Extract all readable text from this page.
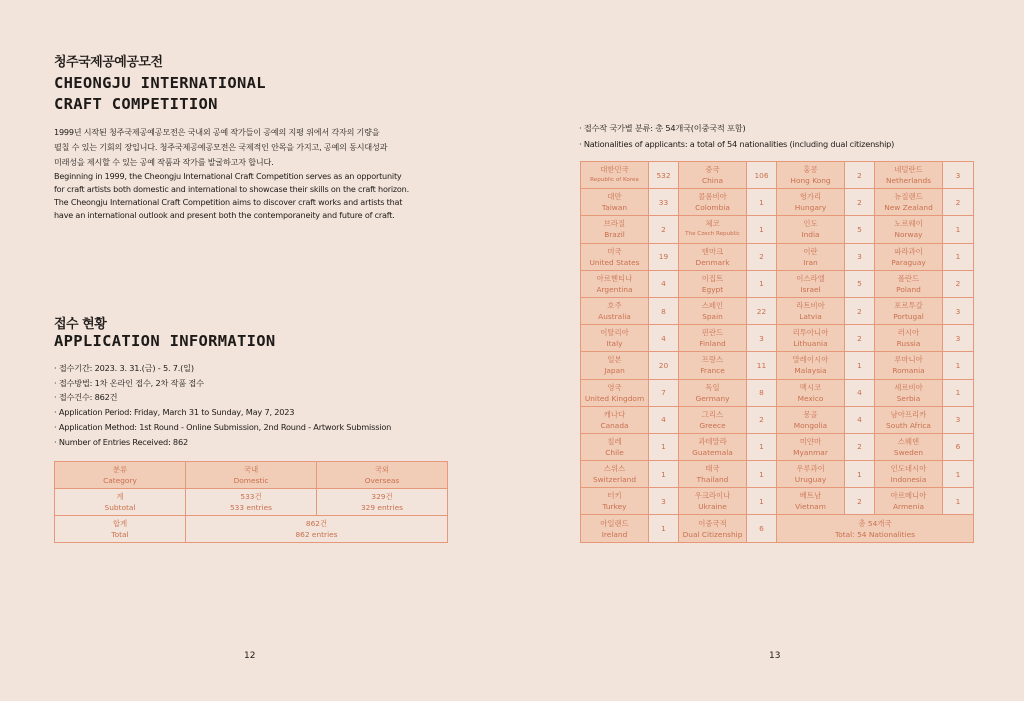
청주국제공예공모전
CHEONGJU INTERNATIONAL
CRAFT COMPETITION

1999년 시작된 청주국제공예공모전은 국내외 공예 작가들이 공예의 지평 위에서 각자의 기량을

펼칠 수 있는 기회의 장입니다. 청주국제공예공모전은 국제적인 안목을 가지고, 공예의 동시대성과

미래성을 제시할 수 있는 공예 작품과 작가를 발굴하고자 합니다.

Beginning in 1999, the Cheongju International Craft Competition serves as an opportunity

for craft artists both domestic and international to showcase their skills on the craft horizon.

The Cheongju International Craft Competition aims to discover craft works and artists that

have an international outlook and present both the contemporaneity and future of craft.

접수 현황
APPLICATION INFORMATION
· 접수기간: 2023. 3. 31.(금) - 5. 7.(일)
· 접수방법: 1차 온라인 접수, 2차 작품 접수
· 접수건수: 862건
· Application Period: Friday, March 31 to Sunday, May 7, 2023
· Application Method: 1st Round - Online Submission, 2nd Round - Artwork Submission
· Number of Entries Received: 862
분류
Category	국내
Domestic	국외
Overseas

계
Subtotal	533건
533 entries	329건
329 entries

합계
Total	862건
862 entries	
12
· 접수작 국가별 분류: 총 54개국(이중국적 포함)
· Nationalities of applicants: a total of 54 nationalities (including dual citizenship)
대한민국
Republic of Korea	532	중국
China	106	홍콩
Hong Kong	2	네덜란드
Netherlands	3

대만
Taiwan	33	콜롬비아
Colombia	1	헝가리
Hungary	2	뉴질랜드
New Zealand	2

브라질
Brazil	2	체코
The Czech Republic	1	인도
India	5	노르웨이
Norway	1

미국
United States	19	덴마크
Denmark	2	이란
Iran	3	파라과이
Paraguay	1

아르헨티나
Argentina	4	이집트
Egypt	1	이스라엘
Israel	5	폴란드
Poland	2

호주
Australia	8	스페인
Spain	22	라트비아
Latvia	2	포르투갈
Portugal	3

이탈리아
Italy	4	핀란드
Finland	3	리투아니아
Lithuania	2	러시아
Russia	3

일본
Japan	20	프랑스
France	11	말레이시아
Malaysia	1	루마니아
Romania	1

영국
United Kingdom	7	독일
Germany	8	멕시코
Mexico	4	세르비아
Serbia	1

캐나다
Canada	4	그리스
Greece	2	몽골
Mongolia	4	남아프리카
South Africa	3

칠레
Chile	1	과테말라
Guatemala	1	미얀마
Myanmar	2	스웨덴
Sweden	6

스위스
Switzerland	1	태국
Thailand	1	우루과이
Uruguay	1	인도네시아
Indonesia	1

터키
Turkey	3	우크라이나
Ukraine	1	베트남
Vietnam	2	아르메니아
Armenia	1

아일랜드
Ireland	1	이중국적
Dual Citizenship	6	총 54개국
Total: 54 Nationalities			
13
